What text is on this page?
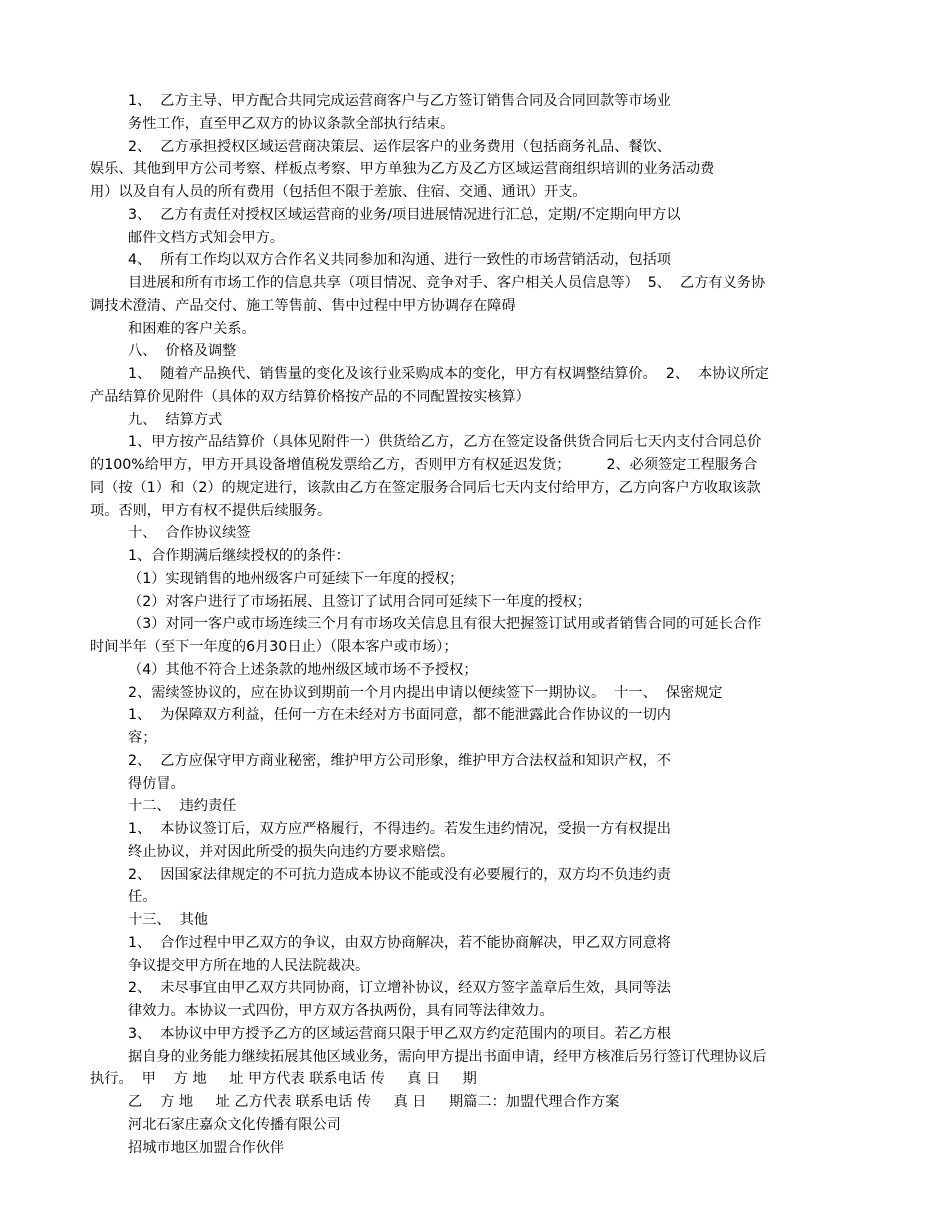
1、  乙方主导、甲方配合共同完成运营商客户与乙方签订销售合同及合同回款等市场业
务性工作，直至甲乙双方的协议条款全部执行结束。
2、  乙方承担授权区域运营商决策层、运作层客户的业务费用（包括商务礼品、餐饮、
娱乐、其他到甲方公司考察、样板点考察、甲方单独为乙方及乙方区域运营商组织培训的业务活动费
用）以及自有人员的所有费用（包括但不限于差旅、住宿、交通、通讯）开支。
3、  乙方有责任对授权区域运营商的业务/项目进展情况进行汇总，定期/不定期向甲方以
邮件文档方式知会甲方。
4、  所有工作均以双方合作名义共同参加和沟通、进行一致性的市场营销活动，包括项
目进展和所有市场工作的信息共享（项目情况、竞争对手、客户相关人员信息等）  5、  乙方有义务协
调技术澄清、产品交付、施工等售前、售中过程中甲方协调存在障碍
和困难的客户关系。
八、  价格及调整
1、  随着产品换代、销售量的变化及该行业采购成本的变化，甲方有权调整结算价。  2、  本协议所定
产品结算价见附件（具体的双方结算价格按产品的不同配置按实核算）
九、  结算方式
1、甲方按产品结算价（具体见附件一）供货给乙方，乙方在签定设备供货合同后七天内支付合同总价
的100%给甲方，甲方开具设备增值税发票给乙方，否则甲方有权延迟发货；        2、必须签定工程服务合
同（按（1）和（2）的规定进行，该款由乙方在签定服务合同后七天内支付给甲方，乙方向客户方收取该款
项。否则，甲方有权不提供后续服务。
十、  合作协议续签
1、合作期满后继续授权的的条件：
（1）实现销售的地州级客户可延续下一年度的授权；
（2）对客户进行了市场拓展、且签订了试用合同可延续下一年度的授权；
（3）对同一客户或市场连续三个月有市场攻关信息且有很大把握签订试用或者销售合同的可延长合作
时间半年（至下一年度的6月30日止）（限本客户或市场）；
（4）其他不符合上述条款的地州级区域市场不予授权；
2、需续签协议的，应在协议到期前一个月内提出申请以便续签下一期协议。  十一、  保密规定
1、  为保障双方利益，任何一方在未经对方书面同意，都不能泄露此合作协议的一切内
容；
2、  乙方应保守甲方商业秘密，维护甲方公司形象，维护甲方合法权益和知识产权，不
得仿冒。
十二、  违约责任
1、  本协议签订后，双方应严格履行，不得违约。若发生违约情况，受损一方有权提出
终止协议，并对因此所受的损失向违约方要求赔偿。
2、  因国家法律规定的不可抗力造成本协议不能或没有必要履行的，双方均不负违约责
任。
十三、  其他
1、  合作过程中甲乙双方的争议，由双方协商解决，若不能协商解决，甲乙双方同意将
争议提交甲方所在地的人民法院裁决。
2、  未尽事宜由甲乙双方共同协商，订立增补协议，经双方签字盖章后生效，具同等法
律效力。本协议一式四份，甲方双方各执两份，具有同等法律效力。
3、  本协议中甲方授予乙方的区域运营商只限于甲乙双方约定范围内的项目。若乙方根
据自身的业务能力继续拓展其他区域业务，需向甲方提出书面申请，经甲方核准后另行签订代理协议后
执行。  甲    方 地     址 甲方代表 联系电话 传     真 日     期
乙    方 地     址 乙方代表 联系电话 传     真 日     期篇二：加盟代理合作方案
河北石家庄嘉众文化传播有限公司
招城市地区加盟合作伙伴
